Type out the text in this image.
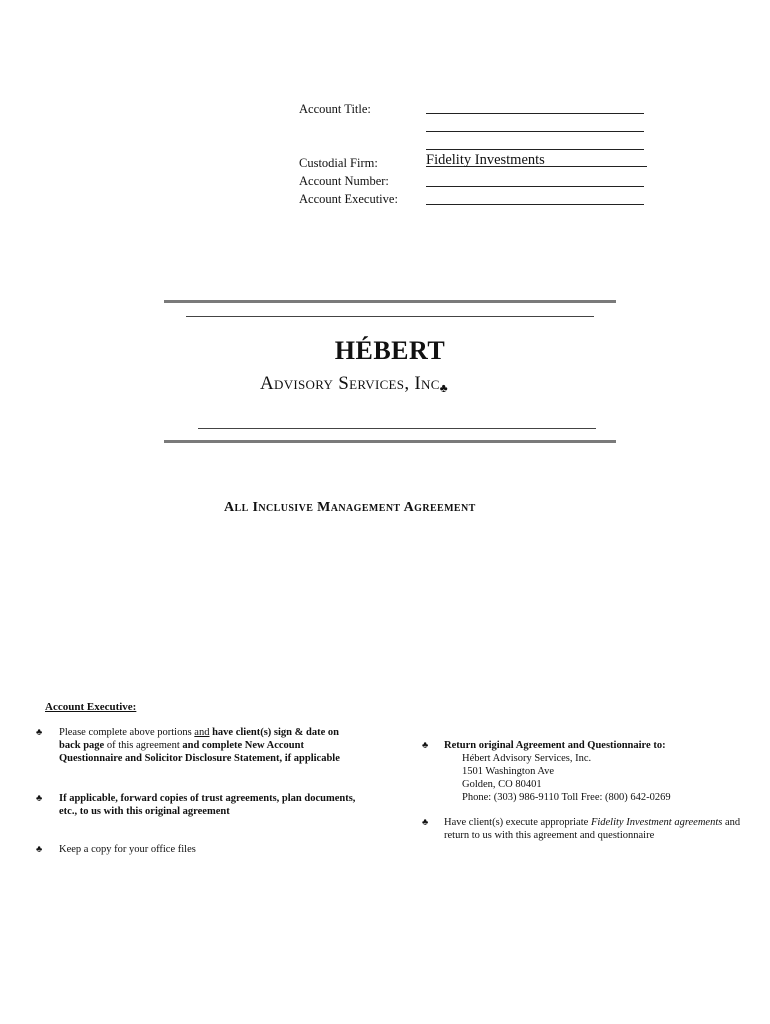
Account Title:
Custodial Firm:	Fidelity Investments
Account Number:
Account Executive:
HÉBERT
Advisory Services, Inc♣
All Inclusive Management Agreement
Account Executive:
♣ Please complete above portions and have client(s) sign & date on back page of this agreement and complete New Account Questionnaire and Solicitor Disclosure Statement, if applicable
♣ If applicable, forward copies of trust agreements, plan documents, etc., to us with this original agreement
♣ Keep a copy for your office files
♣ Return original Agreement and Questionnaire to:
Hébert Advisory Services, Inc.
1501 Washington Ave
Golden, CO 80401
Phone: (303) 986-9110 Toll Free: (800) 642-0269
♣ Have client(s) execute appropriate Fidelity Investment agreements and return to us with this agreement and questionnaire
